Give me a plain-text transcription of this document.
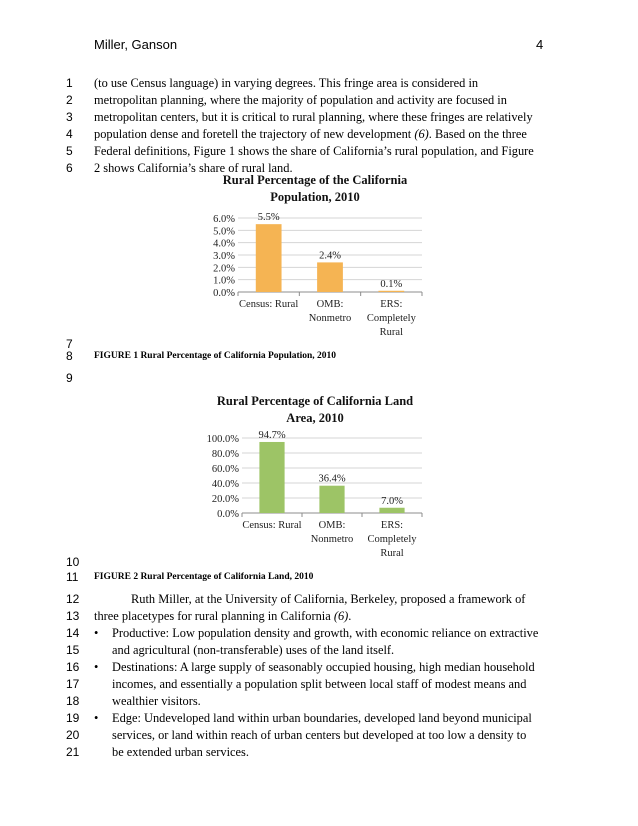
Miller, Ganson	4
1	(to use Census language) in varying degrees. This fringe area is considered in
2	metropolitan planning, where the majority of population and activity are focused in
3	metropolitan centers, but it is critical to rural planning, where these fringes are relatively
4	population dense and foretell the trajectory of new development (6). Based on the three
5	Federal definitions, Figure 1 shows the share of California’s rural population, and Figure
6	2 shows California’s share of rural land.
Rural Percentage of the California
Population, 2010
0.0%
1.0%
2.0%
3.0%
4.0%
5.0%
6.0% 5.5%
Census: Rural
2.4%
OMB:
Nonmetro
0.1%
ERS:
Completely
Rural
7
8	FIGURE 1 Rural Percentage of California Population, 2010
9
Rural Percentage of California Land
Area, 2010
0.0%
20.0%
40.0%
60.0%
80.0%
100.0% 94.7%
Census: Rural
36.4%
OMB:
Nonmetro
7.0%
ERS:
Completely
Rural
10
11	FIGURE 2 Rural Percentage of California Land, 2010
12	Ruth Miller, at the University of California, Berkeley, proposed a framework of
13	three placetypes for rural planning in California (6).
14	• Productive: Low population density and growth, with economic reliance on extractive
15	and agricultural (non-transferable) uses of the land itself.
16	• Destinations: A large supply of seasonably occupied housing, high median household
17	incomes, and essentially a population split between local staff of modest means and
18	wealthier visitors.
19	• Edge: Undeveloped land within urban boundaries, developed land beyond municipal
20	services, or land within reach of urban centers but developed at too low a density to
21	be extended urban services.
